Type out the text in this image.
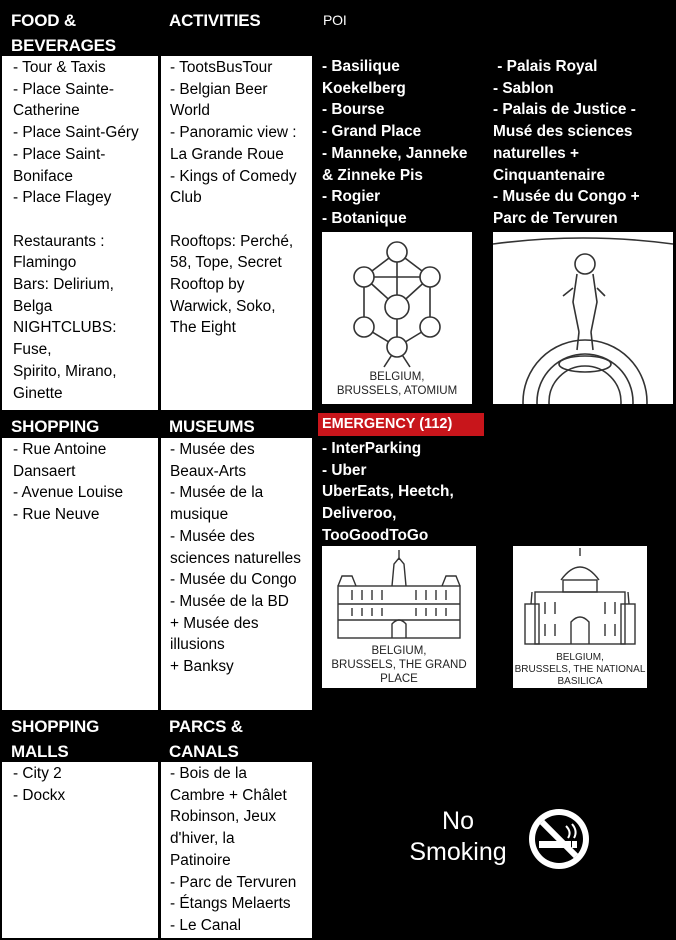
FOOD & BEVERAGES
ACTIVITIES	POI
- Tour & Taxis
- Place Sainte-
Catherine
- Place Saint-Géry
- Place Saint-
Boniface
- Place Flagey
Restaurants :
Flamingo
Bars: Delirium,
Belga
NIGHTCLUBS: Fuse,
Spirito, Mirano,
Ginette
- TootsBusTour
- Belgian Beer
World
- Panoramic view :
La Grande Roue
- Kings of Comedy
Club
Rooftops: Perché,
58, Tope, Secret
Rooftop by
Warwick, Soko,
The Eight
- Basilique
Koekelberg
- Bourse
- Grand Place
- Manneke, Janneke
& Zinneke Pis
- Rogier
- Botanique
- Palais Royal
- Sablon
- Palais de Justice -
Musé des sciences
naturelles +
Cinquantenaire
- Musée du Congo +
Parc de Tervuren
BELGIUM,
BRUSSELS, ATOMIUM
SHOPPING	MUSEUMS	EMERGENCY (112)
- Rue Antoine
Dansaert
- Avenue Louise
- Rue Neuve
- Musée des
Beaux-Arts
- Musée de la
musique
- Musée des
sciences naturelles
- Musée du Congo
- Musée de la BD
+ Musée des
illusions
+ Banksy
- InterParking
- Uber
UberEats, Heetch,
Deliveroo,
TooGoodToGo
BELGIUM,
BRUSSELS, THE GRAND
PLACE
BELGIUM,
BRUSSELS, THE NATIONAL
BASILICA
SHOPPING MALLS
PARCS & CANALS
- City 2
- Dockx
- Bois de la
Cambre + Châlet
Robinson, Jeux
d'hiver, la
Patinoire
- Parc de Tervuren
- Étangs Melaerts
- Le Canal
No
Smoking
